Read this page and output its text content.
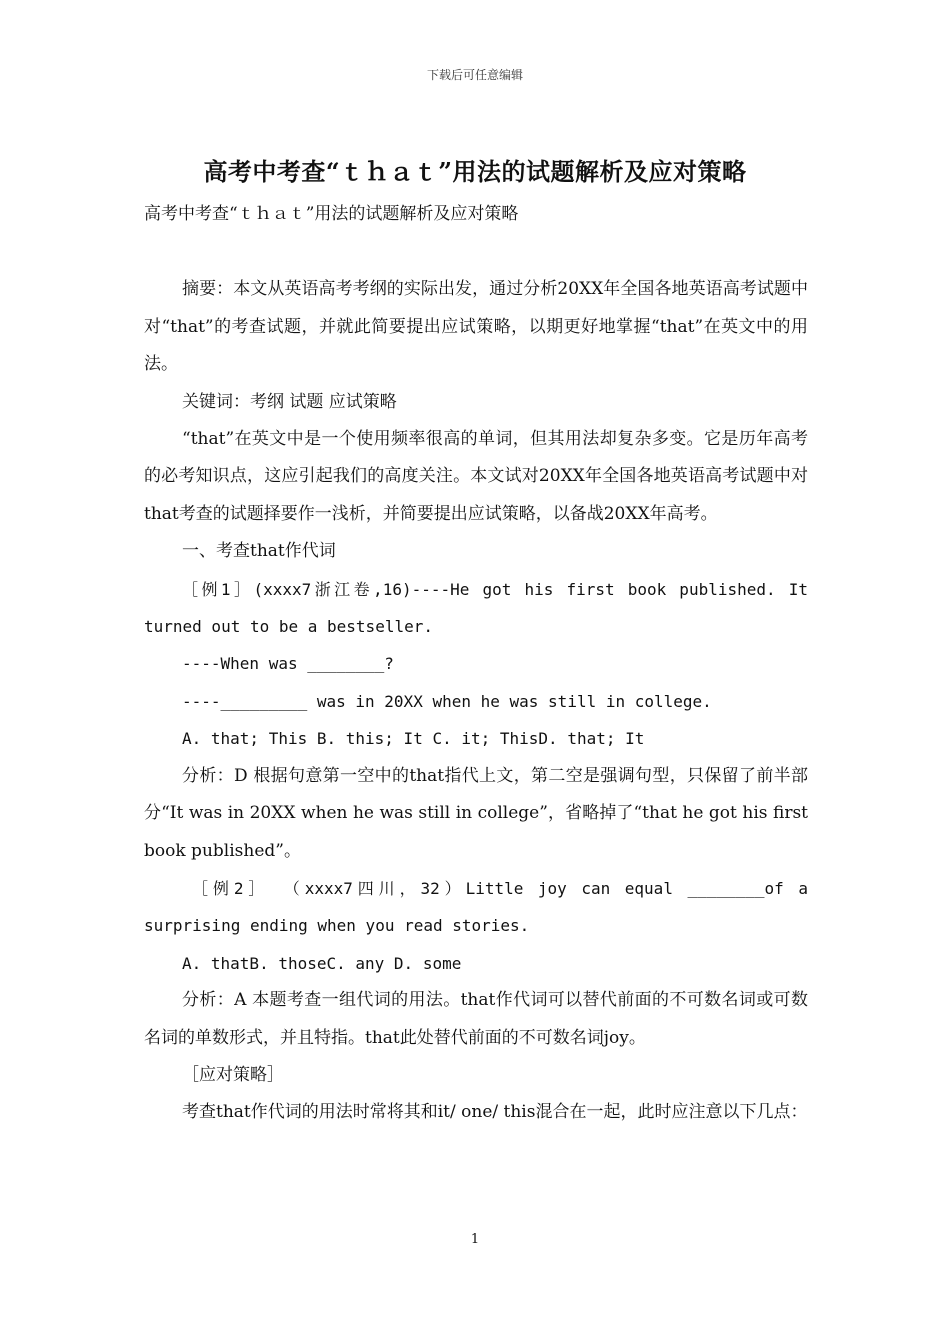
下载后可任意编辑
高考中考查“ｔｈａｔ”用法的试题解析及应对策略

高考中考查“ｔｈａｔ”用法的试题解析及应对策略

摘要：本文从英语高考考纲的实际出发，通过分析20XX年全国各地英语高考试题中对“that”的考查试题，并就此简要提出应试策略，以期更好地掌握“that”在英文中的用法。

关键词：考纲 试题 应试策略

“that”在英文中是一个使用频率很高的单词，但其用法却复杂多变。它是历年高考的必考知识点，这应引起我们的高度关注。本文试对20XX年全国各地英语高考试题中对that考查的试题择要作一浅析，并简要提出应试策略，以备战20XX年高考。

一、考查that作代词

［例1］(xxxx7浙江卷,16)----He got his first book published. It turned out to be a bestseller.

----When was ________?

----_________ was in 20XX when he was still in college.

A. that; This B. this; It C. it; ThisD. that; It

分析：D 根据句意第一空中的that指代上文，第二空是强调句型，只保留了前半部分“It was in 20XX when he was still in college”，省略掉了“that he got his first book published”。

［例2］ （xxxx7四川，32）Little joy can equal ________of a surprising ending when you read stories.

A. thatB. thoseC. any D. some

分析：A 本题考查一组代词的用法。that作代词可以替代前面的不可数名词或可数名词的单数形式，并且特指。that此处替代前面的不可数名词joy。

［应对策略］

考查that作代词的用法时常将其和it/ one/ this混合在一起，此时应注意以下几点：

1
